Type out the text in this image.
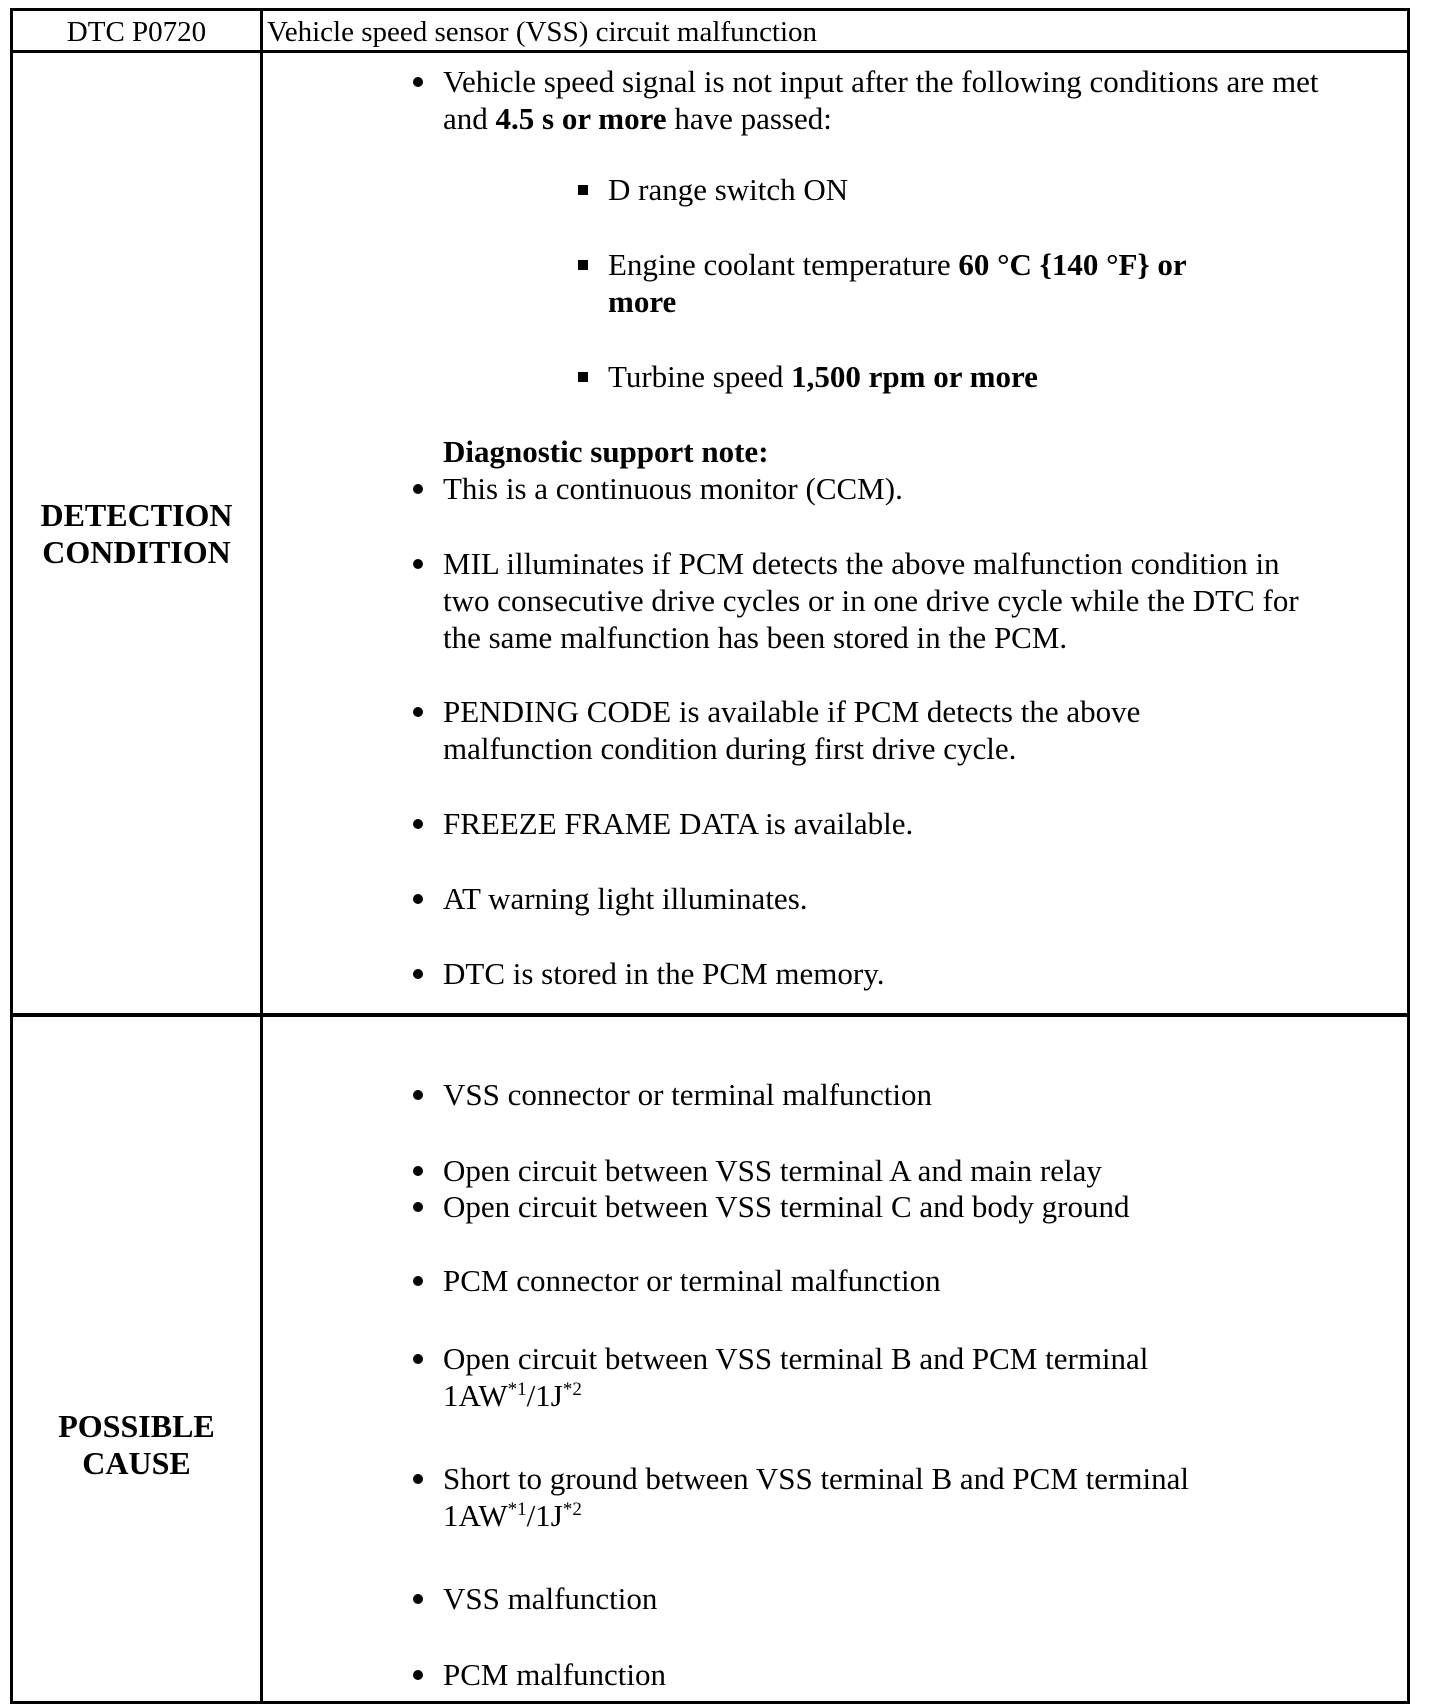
DTC P0720	Vehicle speed sensor (VSS) circuit malfunction
DETECTION
CONDITION
Vehicle speed signal is not input after the following conditions are met and 4.5 s or more have passed:
D range switch ON
Engine coolant temperature 60 °C {140 °F} or more
Turbine speed 1,500 rpm or more
Diagnostic support note:
This is a continuous monitor (CCM).
MIL illuminates if PCM detects the above malfunction condition in two consecutive drive cycles or in one drive cycle while the DTC for the same malfunction has been stored in the PCM.
PENDING CODE is available if PCM detects the above malfunction condition during first drive cycle.
FREEZE FRAME DATA is available.
AT warning light illuminates.
DTC is stored in the PCM memory.
POSSIBLE
CAUSE
VSS connector or terminal malfunction
Open circuit between VSS terminal A and main relay
Open circuit between VSS terminal C and body ground
PCM connector or terminal malfunction
Open circuit between VSS terminal B and PCM terminal
$1AW^{*1}/1J^{*2}$
Short to ground between VSS terminal B and PCM terminal
$1AW^{*1}/1J^{*2}$
VSS malfunction
PCM malfunction
